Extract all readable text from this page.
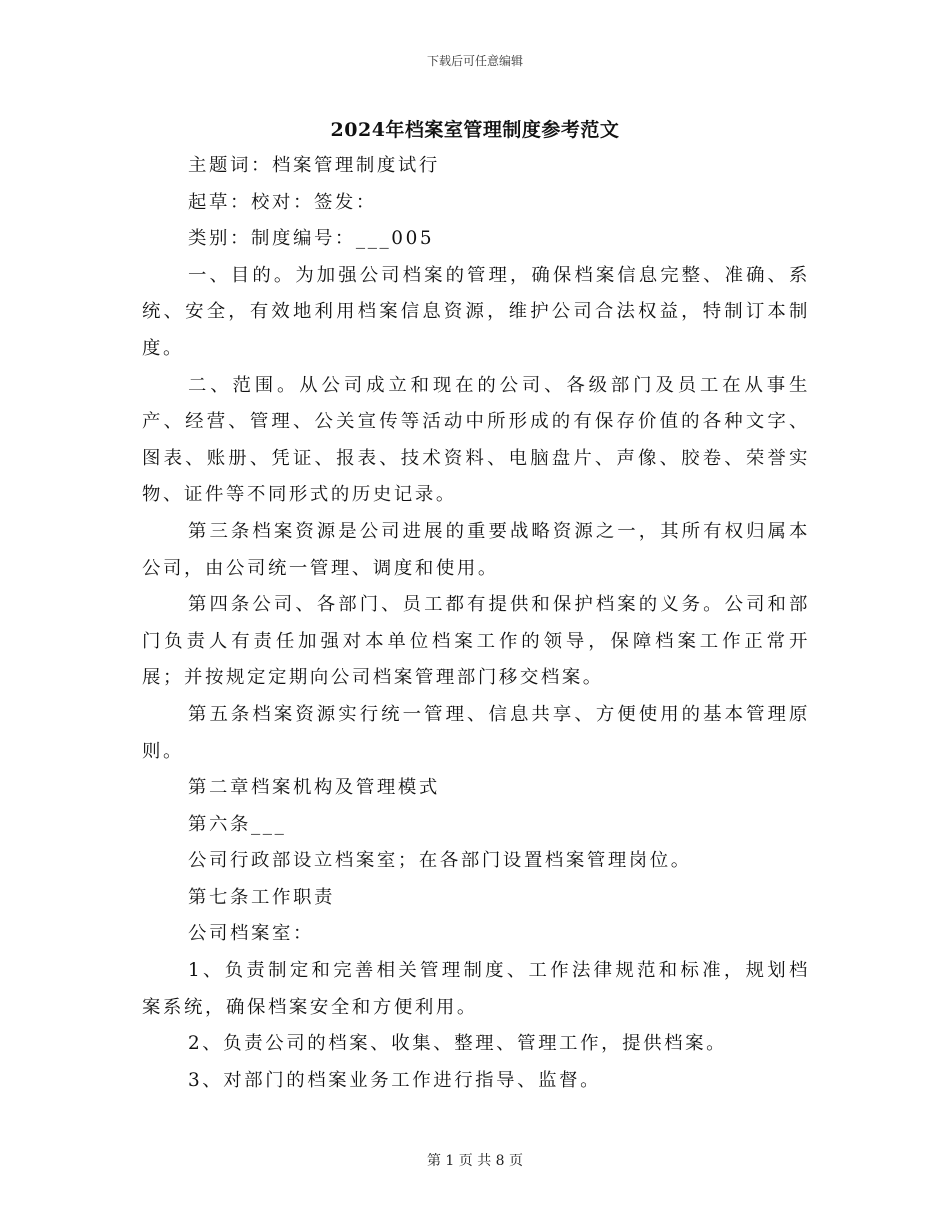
下载后可任意编辑
2024年档案室管理制度参考范文

主题词：档案管理制度试行

起草：校对：签发：

类别：制度编号：___005

一、目的。为加强公司档案的管理，确保档案信息完整、准确、系统、安全，有效地利用档案信息资源，维护公司合法权益，特制订本制度。

二、范围。从公司成立和现在的公司、各级部门及员工在从事生产、经营、管理、公关宣传等活动中所形成的有保存价值的各种文字、图表、账册、凭证、报表、技术资料、电脑盘片、声像、胶卷、荣誉实物、证件等不同形式的历史记录。

第三条档案资源是公司进展的重要战略资源之一，其所有权归属本公司，由公司统一管理、调度和使用。

第四条公司、各部门、员工都有提供和保护档案的义务。公司和部门负责人有责任加强对本单位档案工作的领导，保障档案工作正常开展；并按规定定期向公司档案管理部门移交档案。

第五条档案资源实行统一管理、信息共享、方便使用的基本管理原则。

第二章档案机构及管理模式

第六条___

公司行政部设立档案室；在各部门设置档案管理岗位。

第七条工作职责

公司档案室：

1、负责制定和完善相关管理制度、工作法律规范和标准，规划档案系统，确保档案安全和方便利用。

2、负责公司的档案、收集、整理、管理工作，提供档案。

3、对部门的档案业务工作进行指导、监督。

第 1 页 共 8 页
